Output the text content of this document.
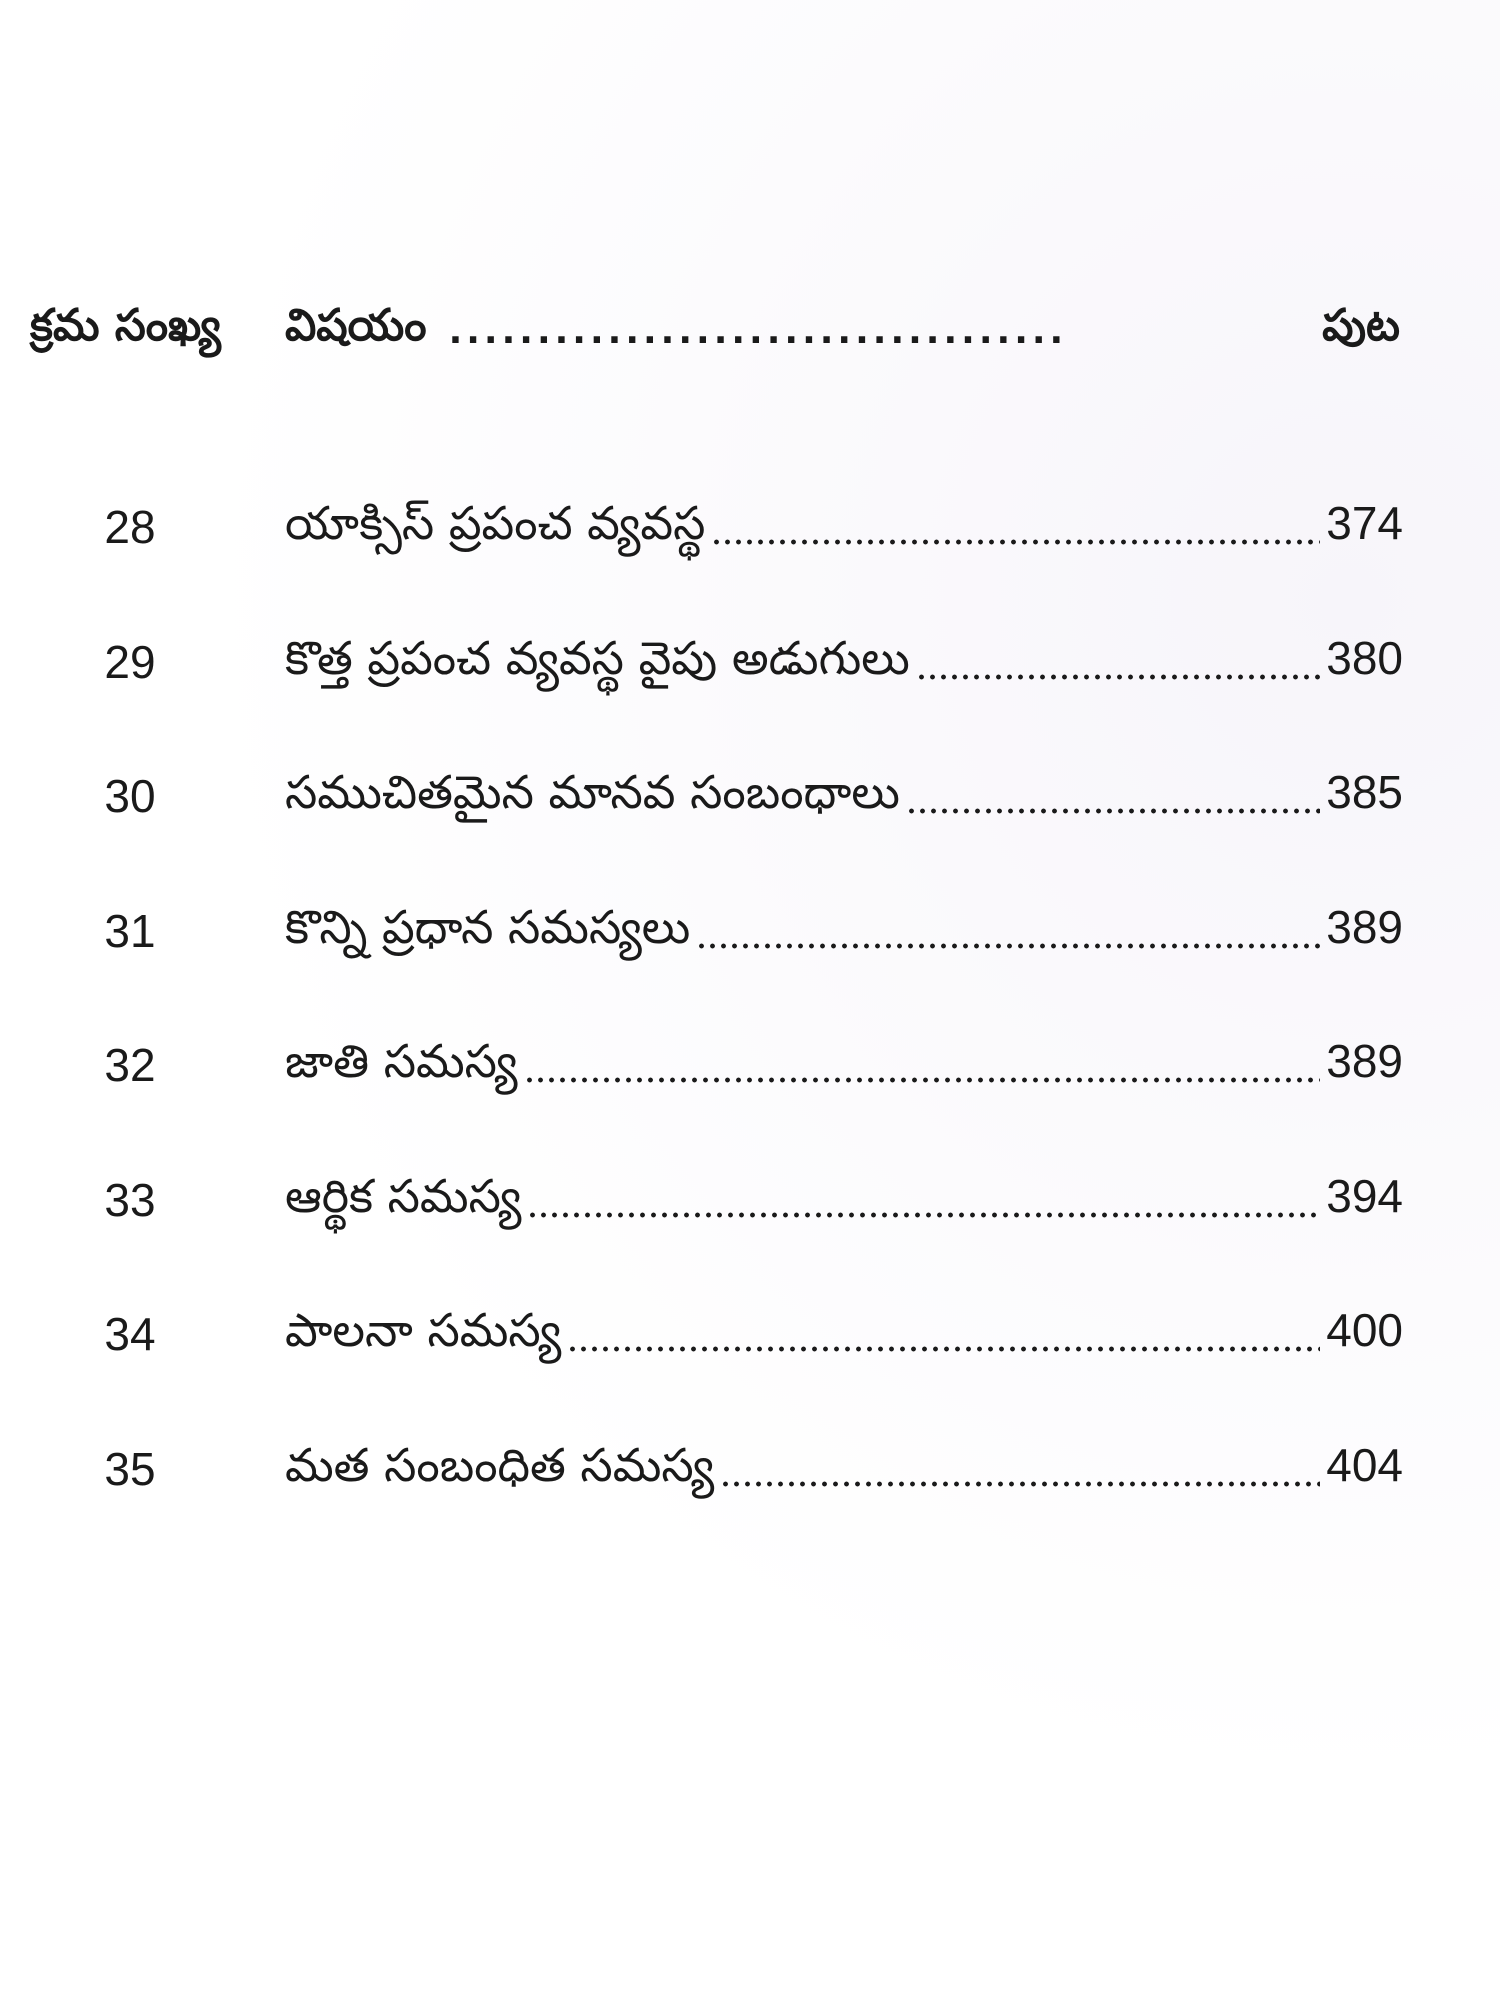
క్రమ సంఖ్య	విషయం ...................................	పుట
28	యాక్సిస్ ప్రపంచ వ్యవస్థ	374
29	కొత్త ప్రపంచ వ్యవస్థ వైపు అడుగులు	380
30	సముచితమైన మానవ సంబంధాలు	385
31	కొన్ని ప్రధాన సమస్యలు	389
32	జాతి సమస్య	389
33	ఆర్థిక సమస్య	394
34	పాలనా సమస్య	400
35	మత సంబంధిత సమస్య	404
